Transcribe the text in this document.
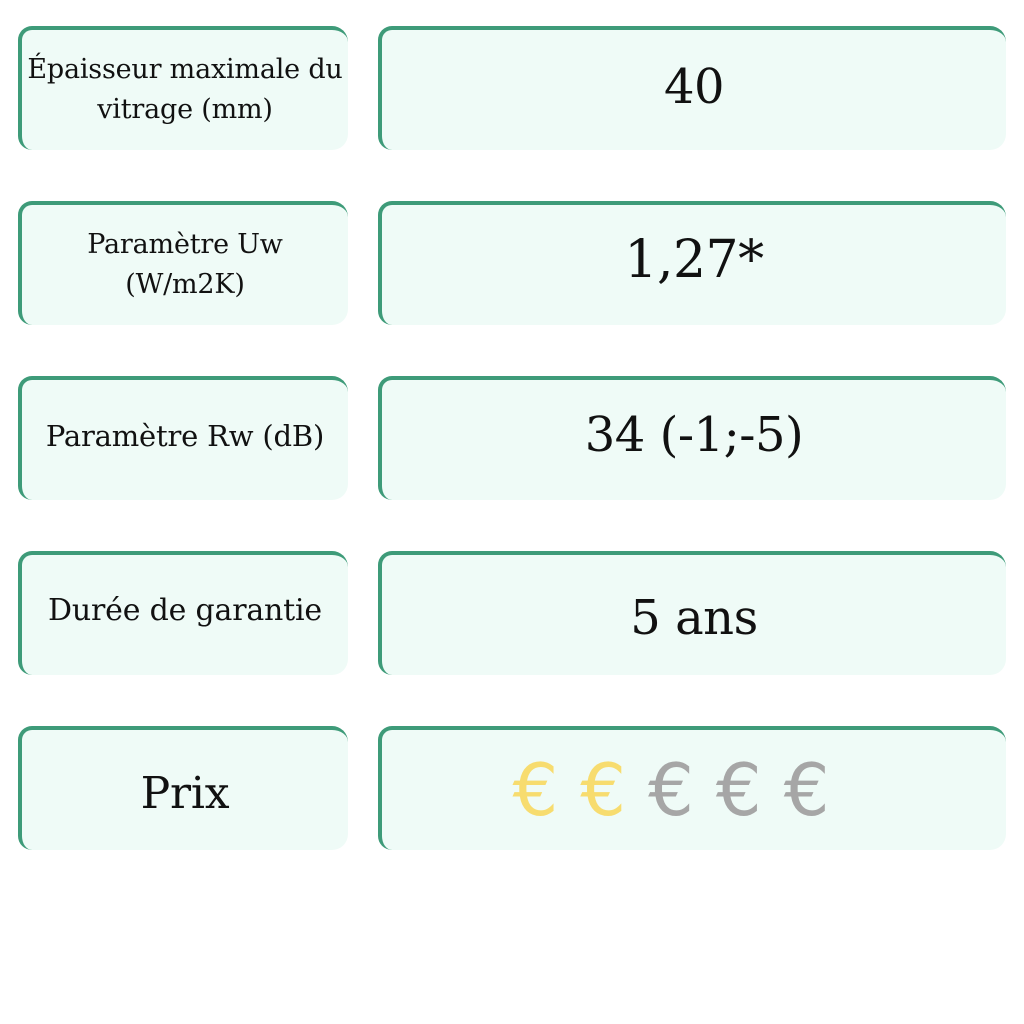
Épaisseur maximale du
vitrage (mm)	40
Paramètre Uw
(W/m2K)	1,27*
Paramètre Rw (dB)	34 (-1;-5)
Durée de garantie	5 ans
Prix	€ € € € €
